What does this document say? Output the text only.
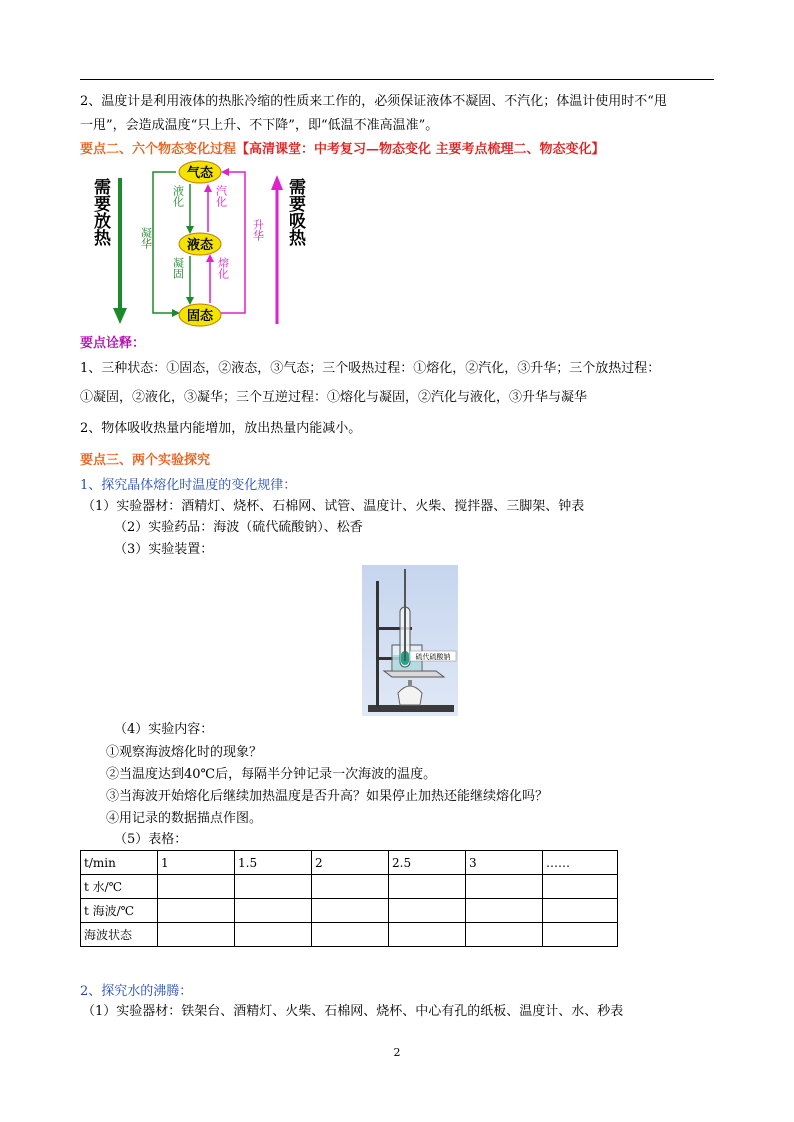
2、温度计是利用液体的热胀冷缩的性质来工作的，必须保证液体不凝固、不汽化；体温计使用时不“甩
一甩”，会造成温度“只上升、不下降”，即“低温不准高温准”。
要点二、六个物态变化过程【高清课堂：中考复习—物态变化 主要考点梳理二、物态变化】
气态
液态
固态
液化	汽化
凝华	升华
凝固	熔化
需要放热	需要吸热
要点诠释：
1、三种状态：①固态，②液态，③气态；三个吸热过程：①熔化，②汽化，③升华；三个放热过程：
①凝固，②液化，③凝华；三个互逆过程：①熔化与凝固，②汽化与液化，③升华与凝华
2、物体吸收热量内能增加，放出热量内能减小。
要点三、两个实验探究
1、探究晶体熔化时温度的变化规律：
（1）实验器材：酒精灯、烧杯、石棉网、试管、温度计、火柴、搅拌器、三脚架、钟表
（2）实验药品：海波（硫代硫酸钠）、松香
（3）实验装置：
硫代硫酸钠
（4）实验内容：
①观察海波熔化时的现象？
②当温度达到40℃后，每隔半分钟记录一次海波的温度。
③当海波开始熔化后继续加热温度是否升高？如果停止加热还能继续熔化吗？
④用记录的数据描点作图。
（5）表格：
t/min	1	1.5	2	2.5	3	……
t 水/℃						
t 海波/℃						
海波状态						
2、探究水的沸腾：
（1）实验器材：铁架台、酒精灯、火柴、石棉网、烧杯、中心有孔的纸板、温度计、水、秒表
2
